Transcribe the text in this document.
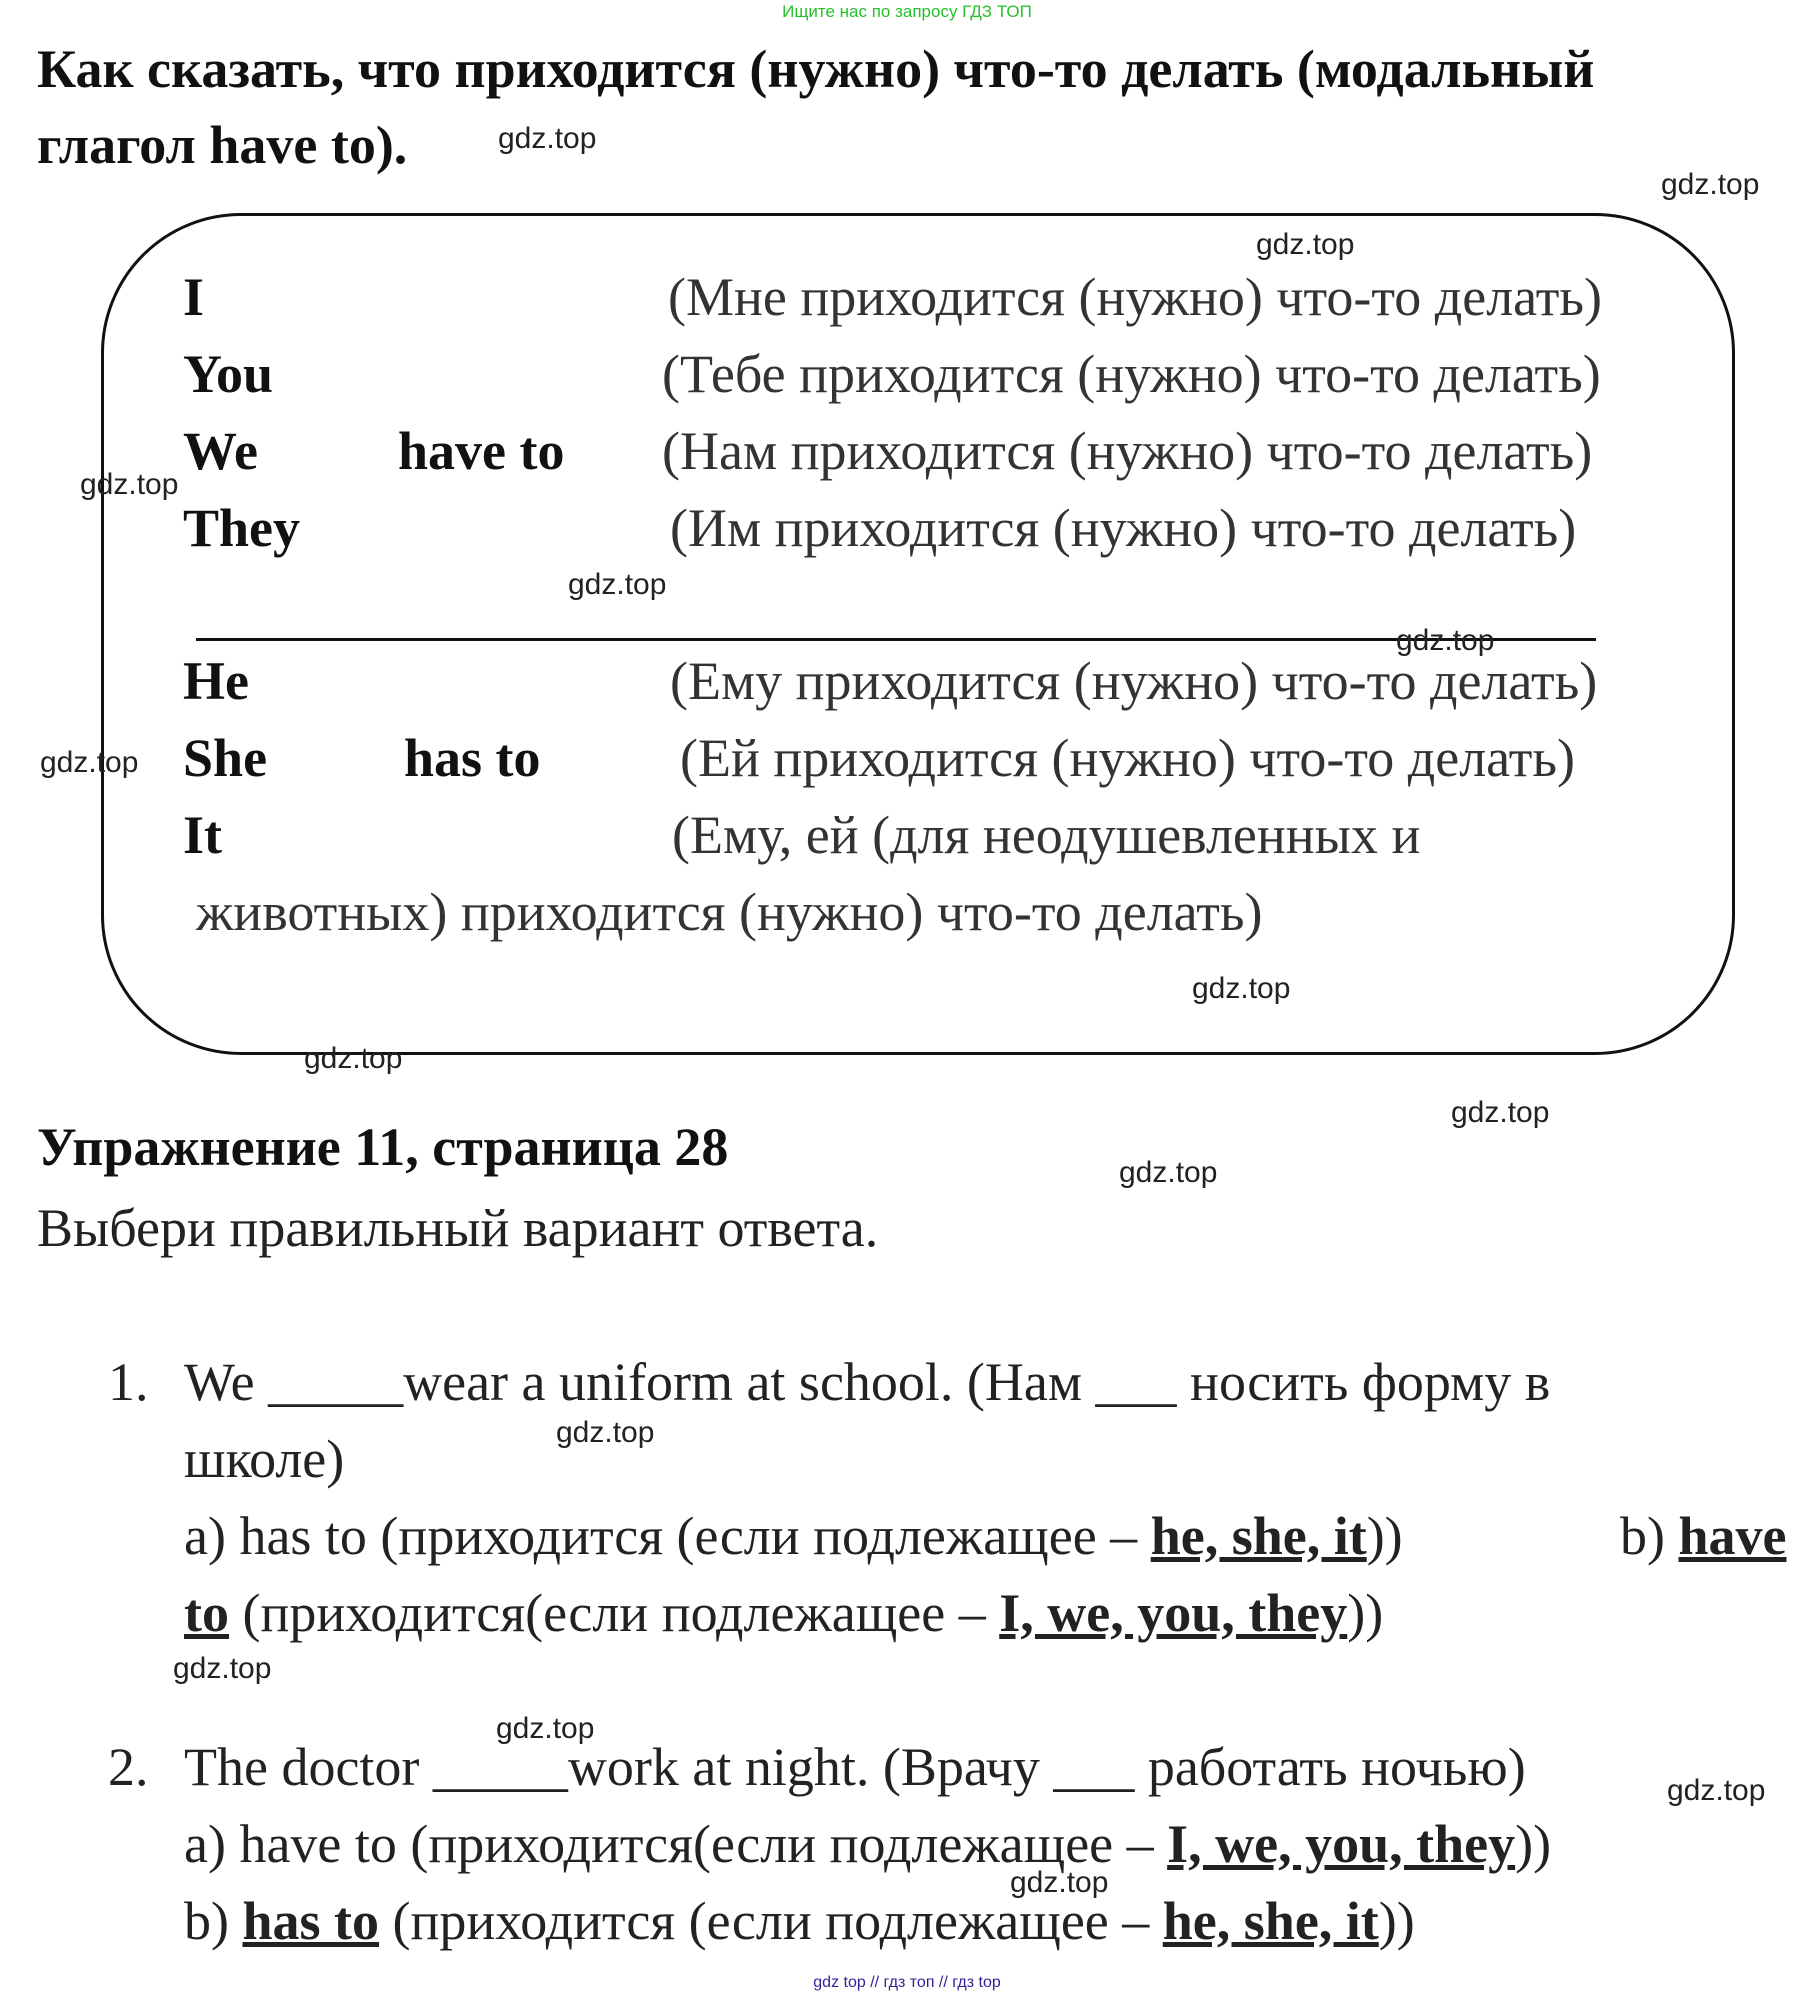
Ищите нас по запросу ГДЗ ТОП
Как сказать, что приходится (нужно) что-то делать (модальный
глагол have to).
I	(Мне приходится (нужно) что-то делать)
You	(Тебе приходится (нужно) что-то делать)
We	have to (Нам приходится (нужно) что-то делать)
They	(Им приходится (нужно) что-то делать)
He	(Ему приходится (нужно) что-то делать)
She	has to	(Ей приходится (нужно) что-то делать)
It	(Ему, ей (для неодушевленных и
животных) приходится (нужно) что-то делать)
Упражнение 11, страница 28
Выбери правильный вариант ответа.
1. We _____wear a uniform at school. (Нам ___ носить форму в
школе)
a) has to (приходится (если подлежащее – he, she, it))	b) have
to (приходится(если подлежащее – I, we, you, they))
2. The doctor _____work at night. (Врачу ___ работать ночью)
a) have to (приходится(если подлежащее – I, we, you, they))
b) has to (приходится (если подлежащее – he, she, it))
gdz.top
gdz.top
gdz.top
gdz.top
gdz.top
gdz.top
gdz.top
gdz.top
gdz.top
gdz.top
gdz.top
gdz.top
gdz.top
gdz.top
gdz.top
gdz.top
gdz top // гдз топ // гдз top
